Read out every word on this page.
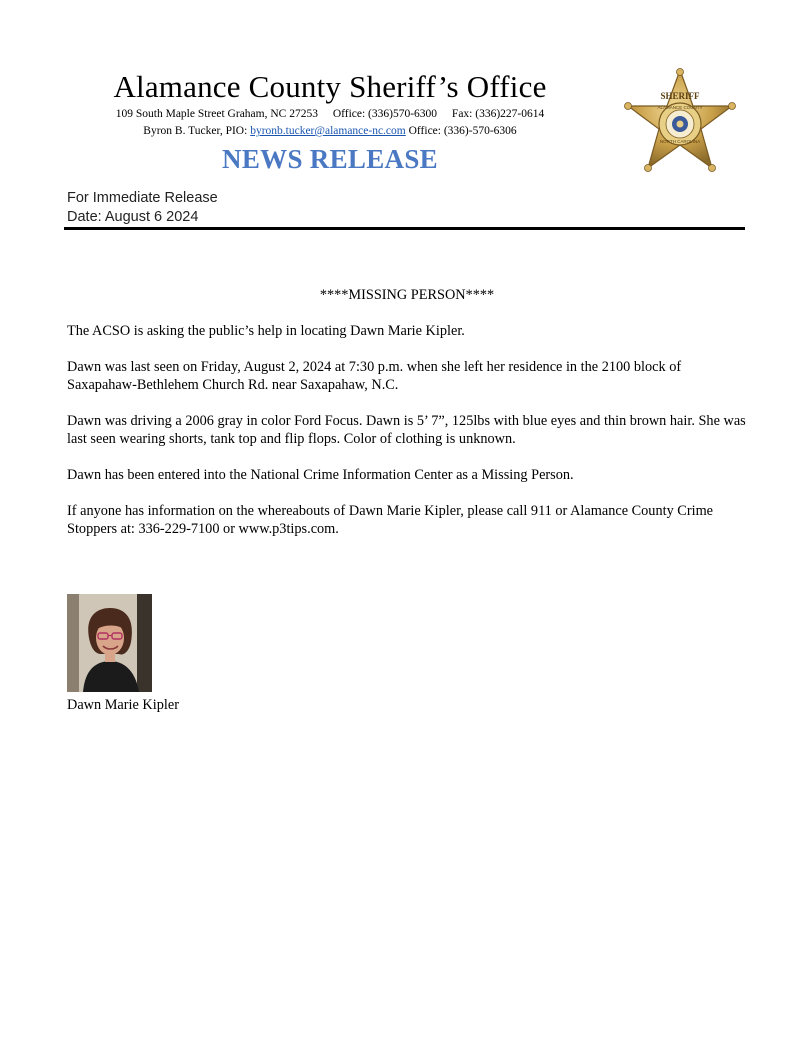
Alamance County Sheriff’s Office

109 South Maple Street Graham, NC 27253 Office: (336)570-6300 Fax: (336)227-0614

Byron B. Tucker, PIO: byronb.tucker@alamance-nc.com Office: (336)-570-6306

NEWS RELEASE
SHERIFF
ALAMANCE COUNTY
NORTH CAROLINA
For Immediate Release
Date: August 6 2024

****MISSING PERSON****

The ACSO is asking the public’s help in locating Dawn Marie Kipler.

Dawn was last seen on Friday, August 2, 2024 at 7:30 p.m. when she left her residence in the 2100 block of Saxapahaw-Bethlehem Church Rd. near Saxapahaw, N.C.

Dawn was driving a 2006 gray in color Ford Focus. Dawn is 5’ 7”, 125lbs with blue eyes and thin brown hair. She was last seen wearing shorts, tank top and flip flops. Color of clothing is unknown.

Dawn has been entered into the National Crime Information Center as a Missing Person.

If anyone has information on the whereabouts of Dawn Marie Kipler, please call 911 or Alamance County Crime Stoppers at: 336-229-7100 or www.p3tips.com.

Dawn Marie Kipler
